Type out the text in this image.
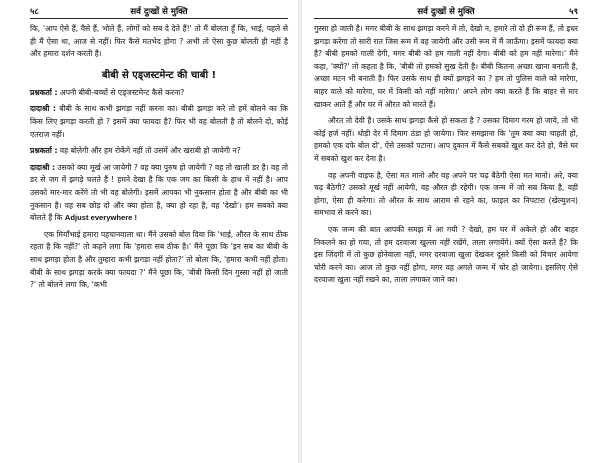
५८	सर्व दुःखों से मुक्ति

कि, 'आप ऐसे हैं, वैसे हैं, भोले हैं, लोगों को सब दे देते हैं!' तो मैं बोलता हूँ कि, भाई, पहले से ही मैं ऐसा था, आज से नहीं। फिर कैसे मतभेद होगा ? अभी तो ऐसा कुछ बोलती ही नहीं है और हमारा दर्शन करती है।

बीबी से एड्जस्टमेन्ट की चाबी !

प्रश्नकर्ता : अपनी बीबी-बच्चों से एड्जस्टमेन्ट कैसे करना?

दादाश्री : बीबी के साथ कभी झगड़ा नहीं करना का। बीबी झगड़ा करे तो हमें बोलने का कि किस लिए झगड़ा करती हो ? इसमें क्या फायदा है? फिर भी वह बोलती है तो बोलने दो, कोई एतराज नहीं।

प्रश्नकर्ता : वह बोलेगी और हम रोकेंगे नहीं तो उसमें और खराबी हो जायेगी न?

दादाश्री : उसको क्या मूर्ख आ जायेगी ? वह क्या पुरुष हो जायेगी ? वह तो खाली डर है। वह तो डर से जग में झगड़े चलते हैं ! हमने देखा है कि एक जग का किसी के हाथ में नहीं है। आप उसको मार-मार करेंगे तो भी वह बोलेगी। इसमें आपका भी नुकसान होता है और बीबी का भी नुकसान है। वह सब छोड़ दो और क्या होता है, क्या हो रहा है, वह 'देखो'। हम सबको क्या बोलते हैं कि Adjust everywhere !

एक मियाँभाई हमारा पहचानवाला था। मैंने उसको बोल दिया कि 'भाई, औरत के साथ ठीक रहता है कि नहीं?' तो कहने लगा कि 'हमारा सब ठीक है।' मैंने पूछा कि 'इन सब का बीबी के साथ झगड़ा होता है और तुम्हारा कभी झगड़ा नहीं होता?' तो बोला कि, 'हमारा कभी नहीं होता। बीबी के साथ झगड़ा करके क्या फायदा ?' मैंने पूछा कि, 'बीबी किसी दिन गुस्सा नहीं हो जाती ?' तो बोलने लगा कि, 'कभी

सर्व दुःखों से मुक्ति	५९

गुस्सा हो जाती है। मगर बीबी के साथ झगड़ा करने में तो, देखो न, हमारे तो दो ही रूम हैं, तो इधर झगड़ा करेगा तो सारी रात जिस रूम में वह जायेगी और उसी रूम में मैं जाऊँगा। इसमें फायदा क्या है? बीबी हमको गाली देगी, मगर बीबी को हम गाली नहीं देगा। बीबी को हम नहीं मारेगा।' मैंने कहा, 'क्यों?' तो कहता है कि, 'बीबी तो हमको सुख देती है। बीबी कितना अच्छा खाना बनाती है, अच्छा मटन भी बनाती है। फिर उसके साथ ही क्यों झगड़ने का ? हम तो पुलिस वाले को मारेगा, बाहर वाले को मारेगा, घर में किसी को नहीं मारेगा।' अपने लोग क्या करते हैं कि बाहर से मार खाकर आते हैं और घर में औरत को मारते हैं।

औरत तो देवी है। उसके साथ झगड़ा कैसे हो सकता है ? उसका दिमाग गरम हो जाये, तो भी कोई हर्ज नहीं। थोड़ी देर में दिमाग ठंडा हो जायेगा। फिर समझाना कि 'तुम क्या क्या चाहती हो, हमको एक दफे बोल दो', ऐसे उसको पटाना। आप दुकान में कैसे सबको खुश कर देते हो, वैसे घर में सबको खुश कर देना है।

वह अपनी वाइफ है, ऐसा मत मानो और वह अपने पर चढ़ बैठेगी ऐसा मत मानो। अरे, क्या चढ़ बैठेगी? उसको मूर्ख नहीं आयेगी, वह औरत ही रहेगी। एक जन्म में जो सब किया है, वही होगा, ऐसा ही करेगा। तो औरत के साथ आराम से रहने का, फाइल का निपटारा (खेल्युशन) समभाव से करने का।

एक जन्म की बात आपकी समझ में आ गयी ? देखो, हम घर में अकेले हो और बाहर निकलने का हो गया, तो हम दरवाजा खुल्ला नहीं रखेंगे, ताला लगायेंगे। क्यों ऐसा करते हैं? कि इस जिंदगी में तो कुछ होनेवाला नहीं, मगर दरवाजा खुला देखकर दूसरे किसी को विचार आयेगा चोरी करने का। आज तो कुछ नहीं होगा, मगर वह अगले जन्म में चोर हो जायेगा। इसलिए ऐसे दरवाजा खुला नहीं रखने का, ताला लगाकर जाने का।
